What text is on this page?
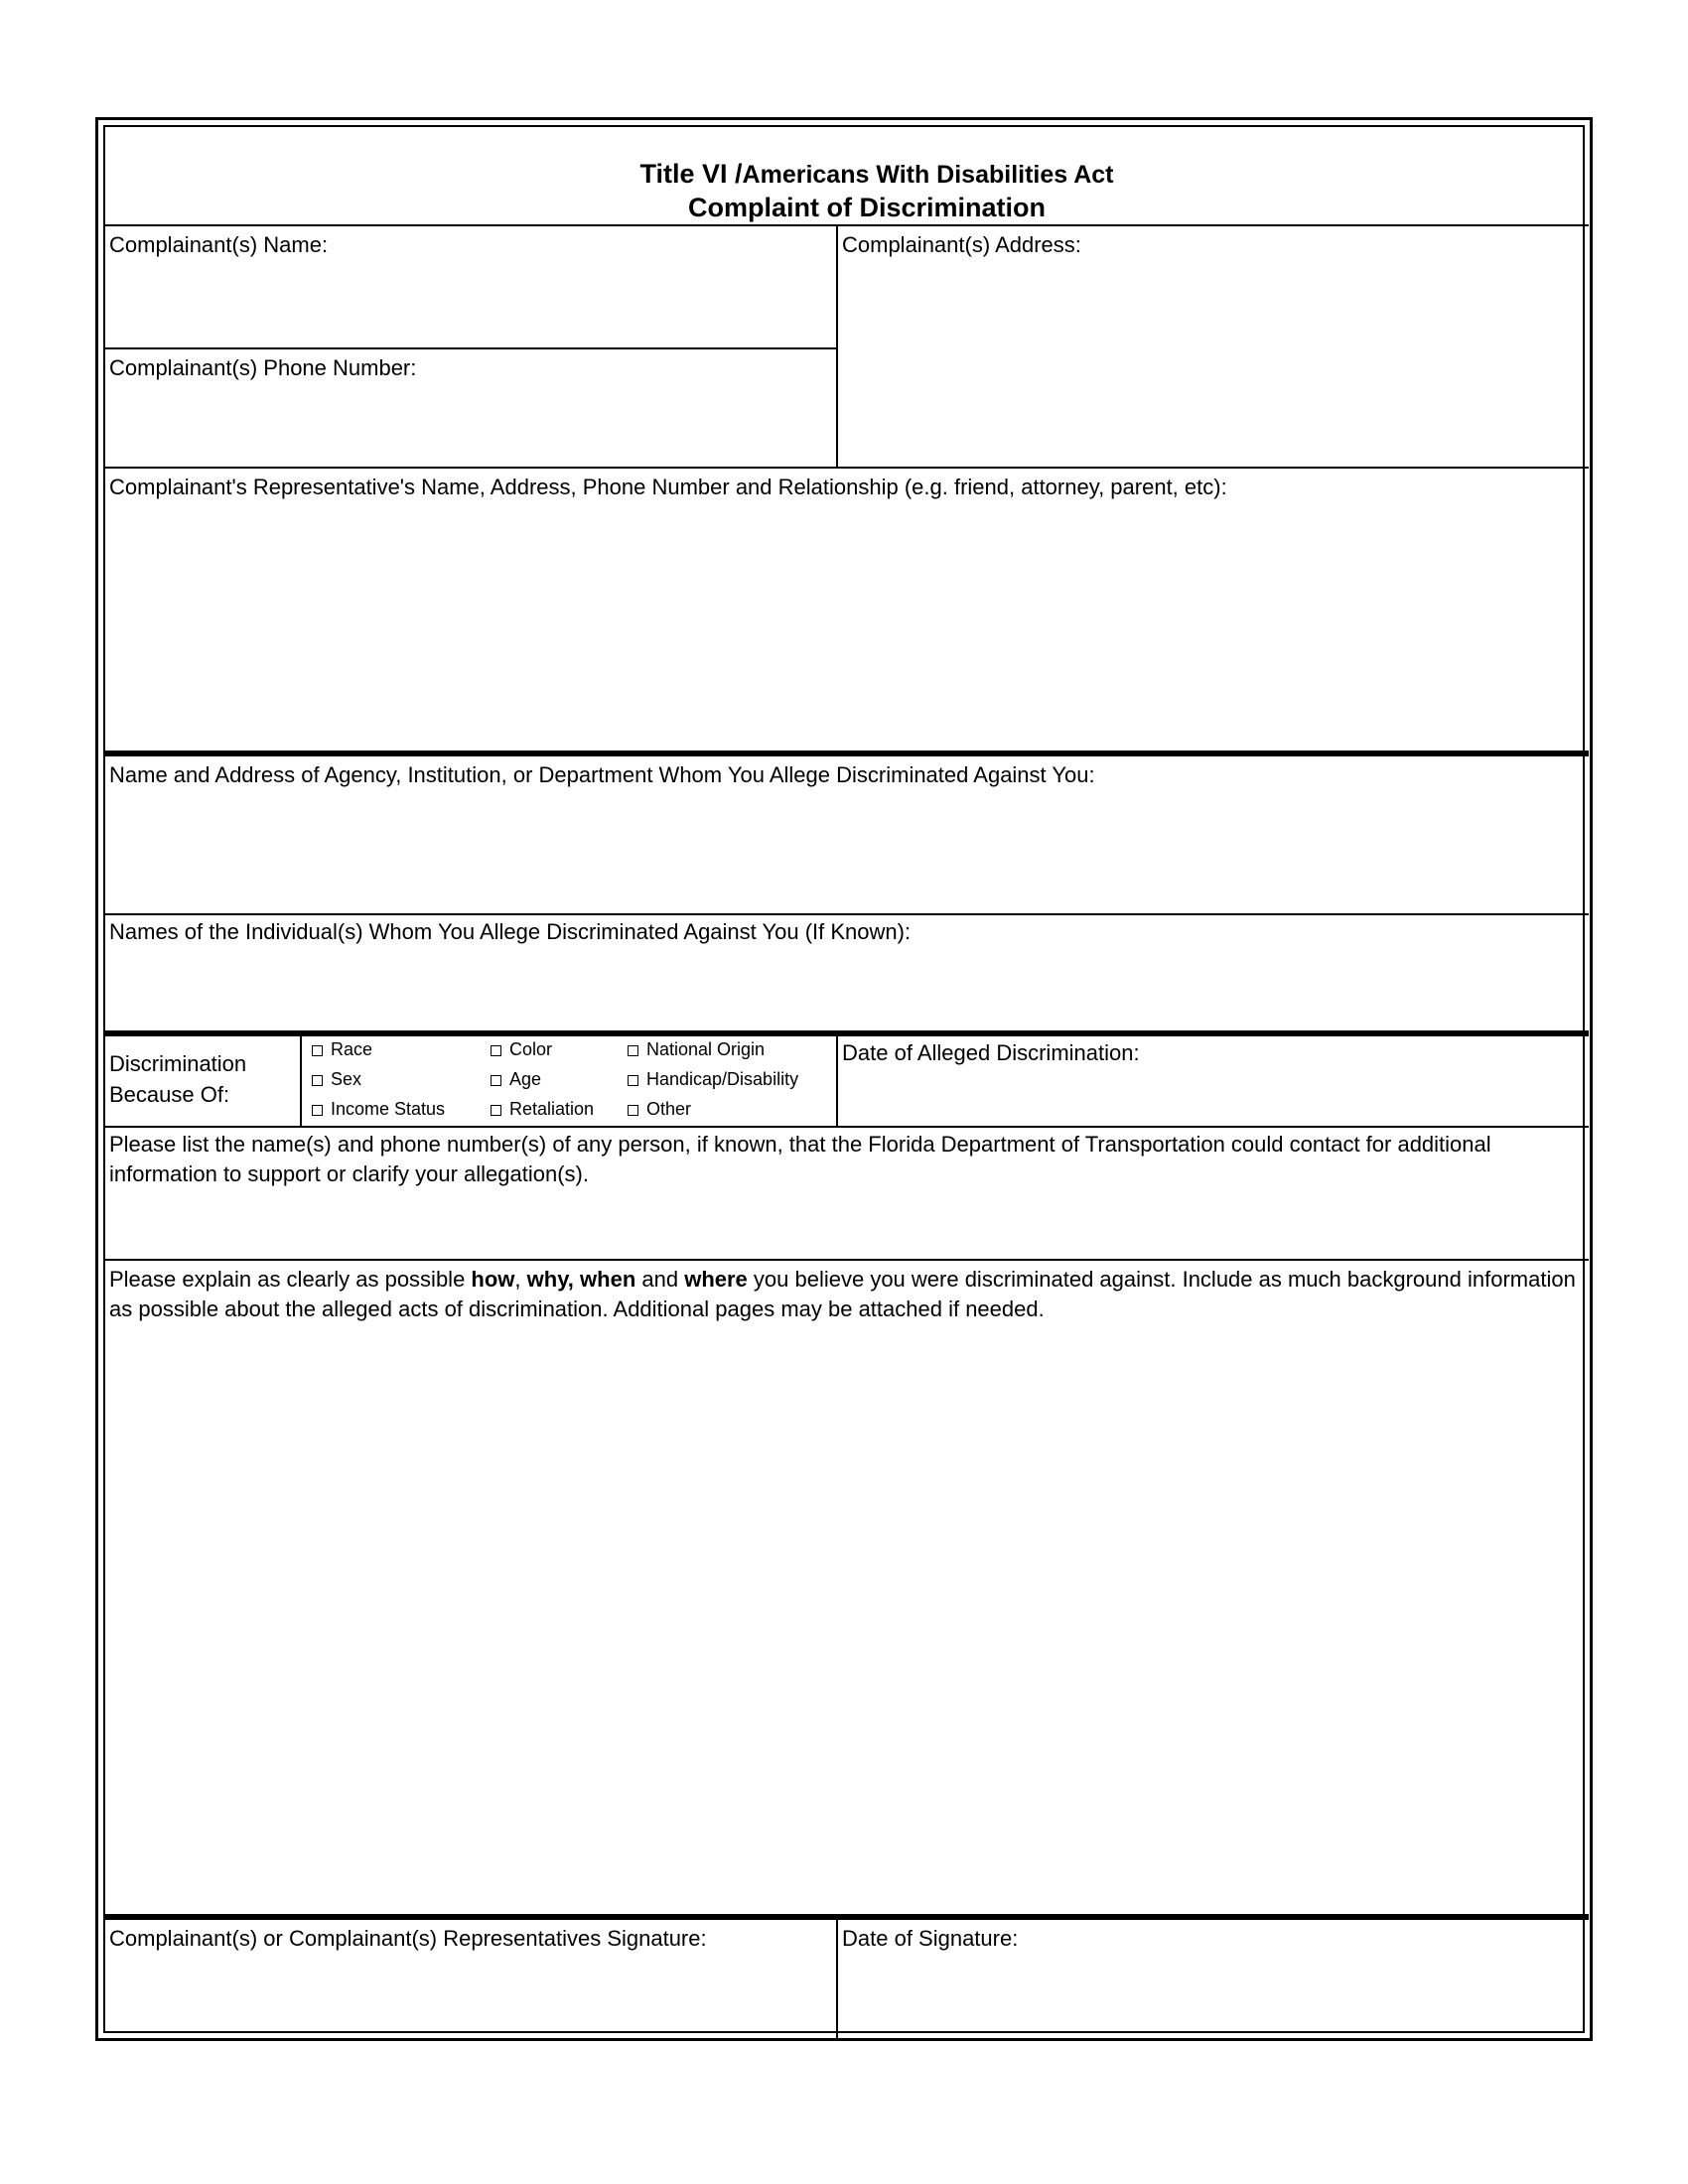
Title VI /Americans With Disabilities Act
Complaint of Discrimination
Complainant(s) Name:	Complainant(s) Address:
Complainant(s) Phone Number:
Complainant's Representative's Name, Address, Phone Number and Relationship (e.g. friend, attorney, parent, etc):
Name and Address of Agency, Institution, or Department Whom You Allege Discriminated Against You:
Names of the Individual(s) Whom You Allege Discriminated Against You (If Known):
Discrimination
Because Of:
Race	Color	National Origin
Sex	Age	Handicap/Disability
Income Status	Retaliation	Other
Date of Alleged Discrimination:
Please list the name(s) and phone number(s) of any person, if known, that the Florida Department of Transportation could contact for additional information to support or clarify your allegation(s).
Please explain as clearly as possible how, why, when and where you believe you were discriminated against. Include as much background information as possible about the alleged acts of discrimination. Additional pages may be attached if needed.
Complainant(s) or Complainant(s) Representatives Signature:	Date of Signature:
